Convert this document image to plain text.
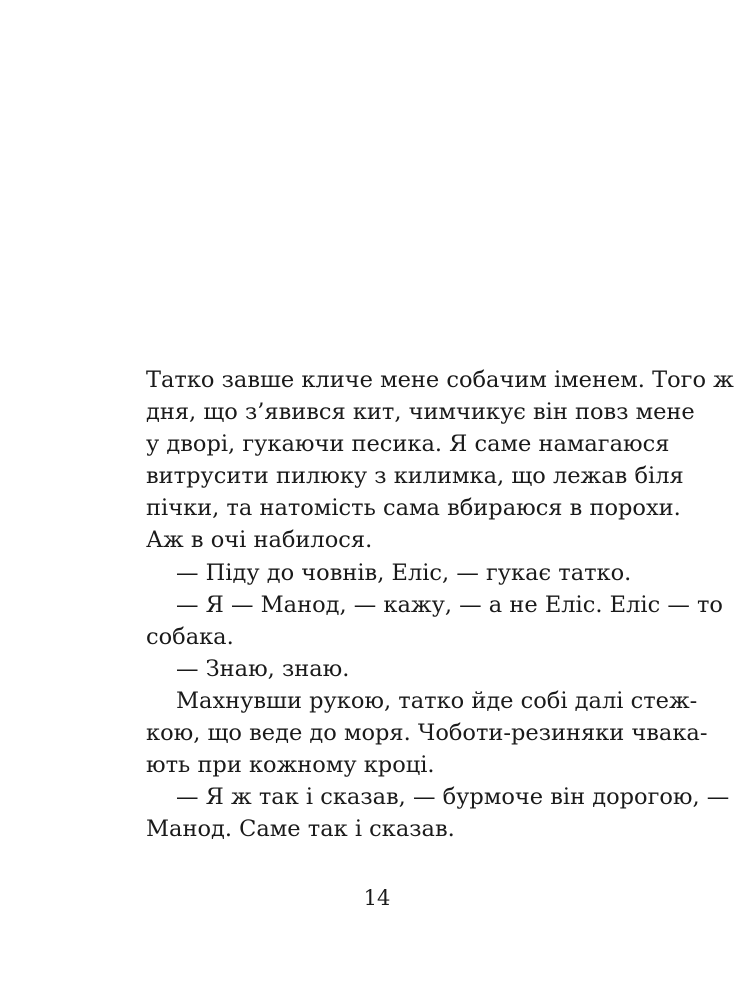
Татко завше кличе мене собачим іменем. Того ж
дня, що з’явився кит, чимчикує він повз мене
у дворі, гукаючи песика. Я саме намагаюся
витрусити пилюку з килимка, що лежав біля
пічки, та натомість сама вбираюся в порохи.
Аж в очі набилося.
— Піду до човнів, Еліс, — гукає татко.
— Я — Манод, — кажу, — а не Еліс. Еліс — то
собака.
— Знаю, знаю.
Махнувши рукою, татко йде собі далі стеж-
кою, що веде до моря. Чоботи-резиняки чвака-
ють при кожному кроці.
— Я ж так і сказав, — бурмоче він дорогою, —
Манод. Саме так і сказав.
14
